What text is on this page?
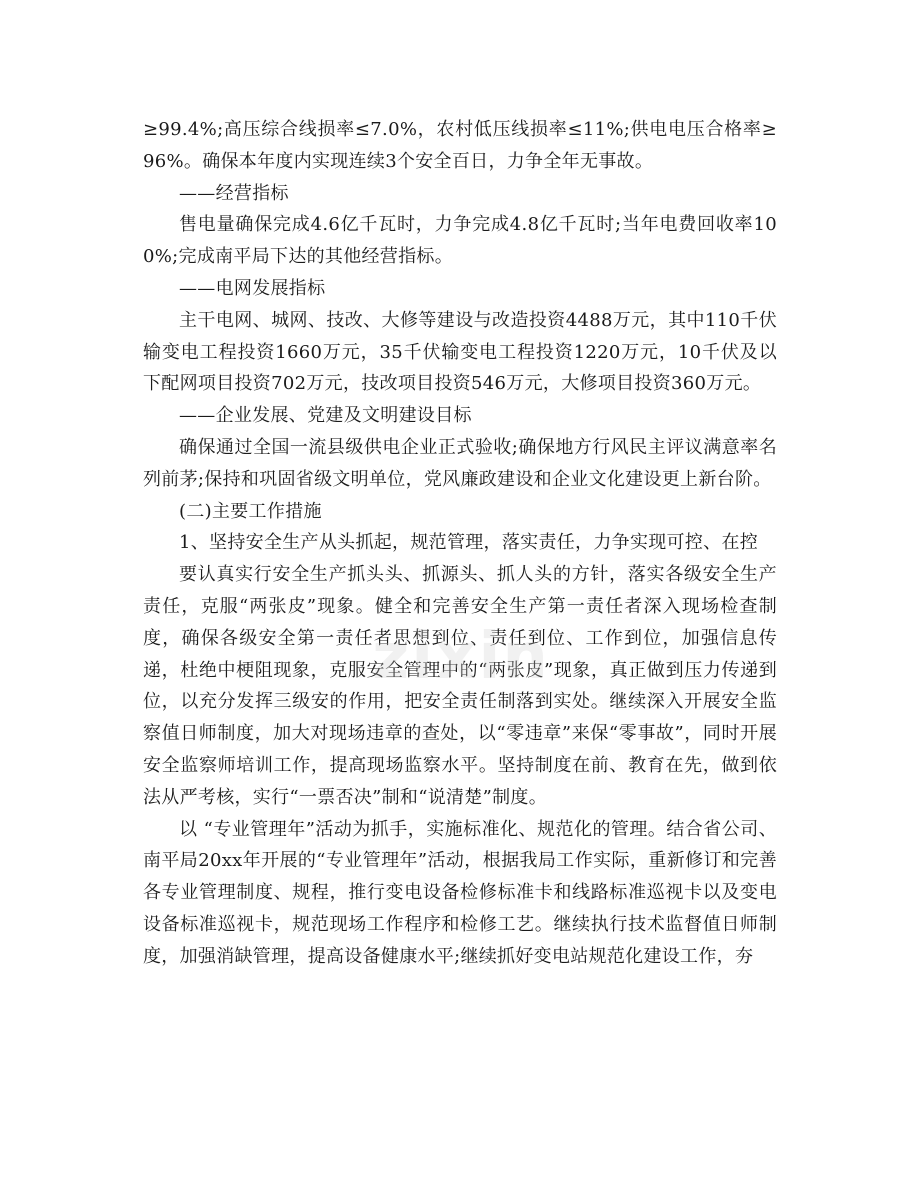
≥99.4%;高压综合线损率≤7.0%，农村低压线损率≤11%;供电电压合格率≥96%。确保本年度内实现连续3个安全百日，力争全年无事故。

——经营指标

售电量确保完成4.6亿千瓦时，力争完成4.8亿千瓦时;当年电费回收率100%;完成南平局下达的其他经营指标。

——电网发展指标

主干电网、城网、技改、大修等建设与改造投资4488万元，其中110千伏输变电工程投资1660万元，35千伏输变电工程投资1220万元，10千伏及以下配网项目投资702万元，技改项目投资546万元，大修项目投资360万元。

——企业发展、党建及文明建设目标

确保通过全国一流县级供电企业正式验收;确保地方行风民主评议满意率名列前茅;保持和巩固省级文明单位，党风廉政建设和企业文化建设更上新台阶。

(二)主要工作措施

1、坚持安全生产从头抓起，规范管理，落实责任，力争实现可控、在控

要认真实行安全生产抓头头、抓源头、抓人头的方针，落实各级安全生产责任，克服“两张皮”现象。健全和完善安全生产第一责任者深入现场检查制度，确保各级安全第一责任者思想到位、责任到位、工作到位，加强信息传递，杜绝中梗阻现象，克服安全管理中的“两张皮”现象，真正做到压力传递到位，以充分发挥三级安的作用，把安全责任制落到实处。继续深入开展安全监察值日师制度，加大对现场违章的查处，以“零违章”来保“零事故”，同时开展安全监察师培训工作，提高现场监察水平。坚持制度在前、教育在先，做到依法从严考核，实行“一票否决”制和“说清楚”制度。

以 “专业管理年”活动为抓手，实施标准化、规范化的管理。结合省公司、南平局20xx年开展的“专业管理年”活动，根据我局工作实际，重新修订和完善各专业管理制度、规程，推行变电设备检修标准卡和线路标准巡视卡以及变电设备标准巡视卡，规范现场工作程序和检修工艺。继续执行技术监督值日师制度，加强消缺管理，提高设备健康水平;继续抓好变电站规范化建设工作，夯

zixin
